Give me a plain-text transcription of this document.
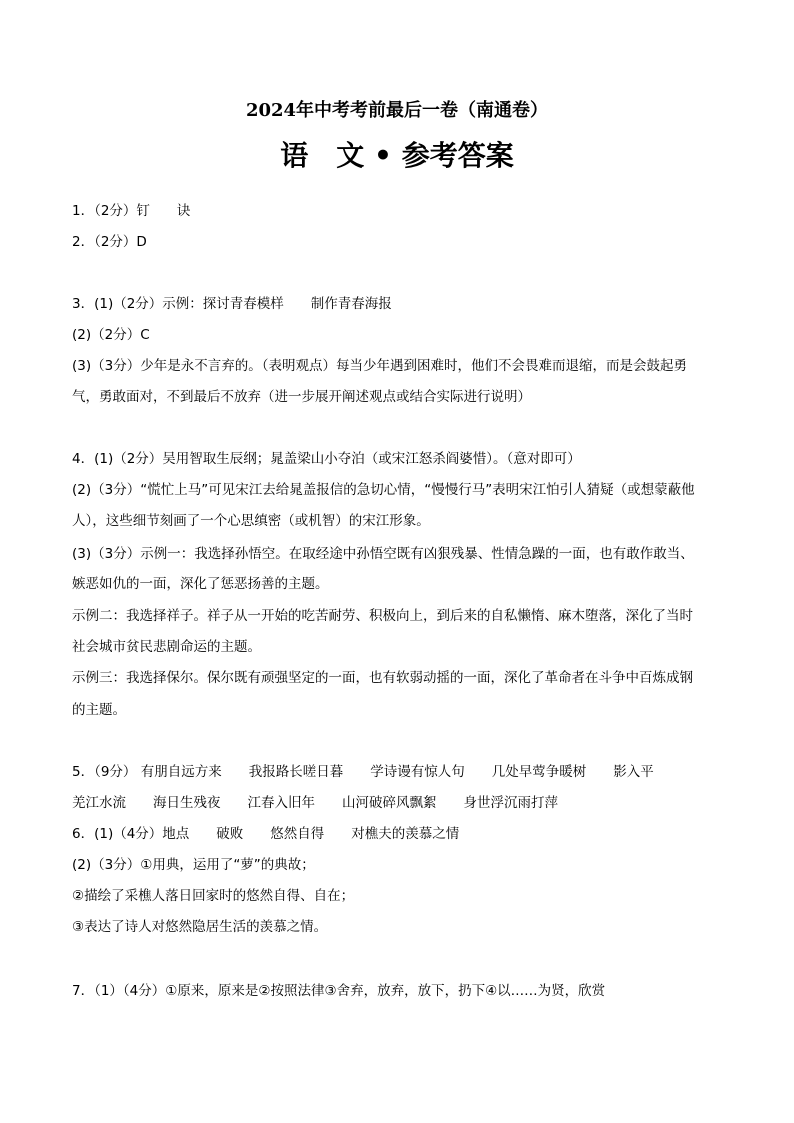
2024年中考考前最后一卷（南通卷）
语　文 • 参考答案
1．（2分）钉　　诀
2．（2分）D
3．(1)（2分）示例：探讨青春模样　　制作青春海报
(2)（2分）C
(3)（3分）少年是永不言弃的。（表明观点）每当少年遇到困难时，他们不会畏难而退缩，而是会鼓起勇
气，勇敢面对，不到最后不放弃（进一步展开阐述观点或结合实际进行说明）
4．(1)（2分）吴用智取生辰纲；晁盖梁山小夺泊（或宋江怒杀阎婆惜）。（意对即可）
(2)（3分）“慌忙上马”可见宋江去给晁盖报信的急切心情，“慢慢行马”表明宋江怕引人猜疑（或想蒙蔽他
人），这些细节刻画了一个心思缜密（或机智）的宋江形象。
(3)（3分）示例一：我选择孙悟空。在取经途中孙悟空既有凶狠残暴、性情急躁的一面，也有敢作敢当、
嫉恶如仇的一面，深化了惩恶扬善的主题。
示例二：我选择祥子。祥子从一开始的吃苦耐劳、积极向上，到后来的自私懒惰、麻木堕落，深化了当时
社会城市贫民悲剧命运的主题。
示例三：我选择保尔。保尔既有顽强坚定的一面，也有软弱动摇的一面，深化了革命者在斗争中百炼成钢
的主题。
5．（9分） 有朋自远方来　　我报路长嗟日暮　　学诗谩有惊人句　　几处早莺争暖树　　影入平
羌江水流　　海日生残夜　　江春入旧年　　山河破碎风飘絮　　身世浮沉雨打萍
6．(1)（4分）地点　　破败　　悠然自得　　对樵夫的羡慕之情
(2)（3分）①用典，运用了“萝”的典故；
②描绘了采樵人落日回家时的悠然自得、自在；
③表达了诗人对悠然隐居生活的羡慕之情。
7．（1）（4分）①原来，原来是②按照法律③舍弃，放弃，放下，扔下④以……为贤，欣赏
